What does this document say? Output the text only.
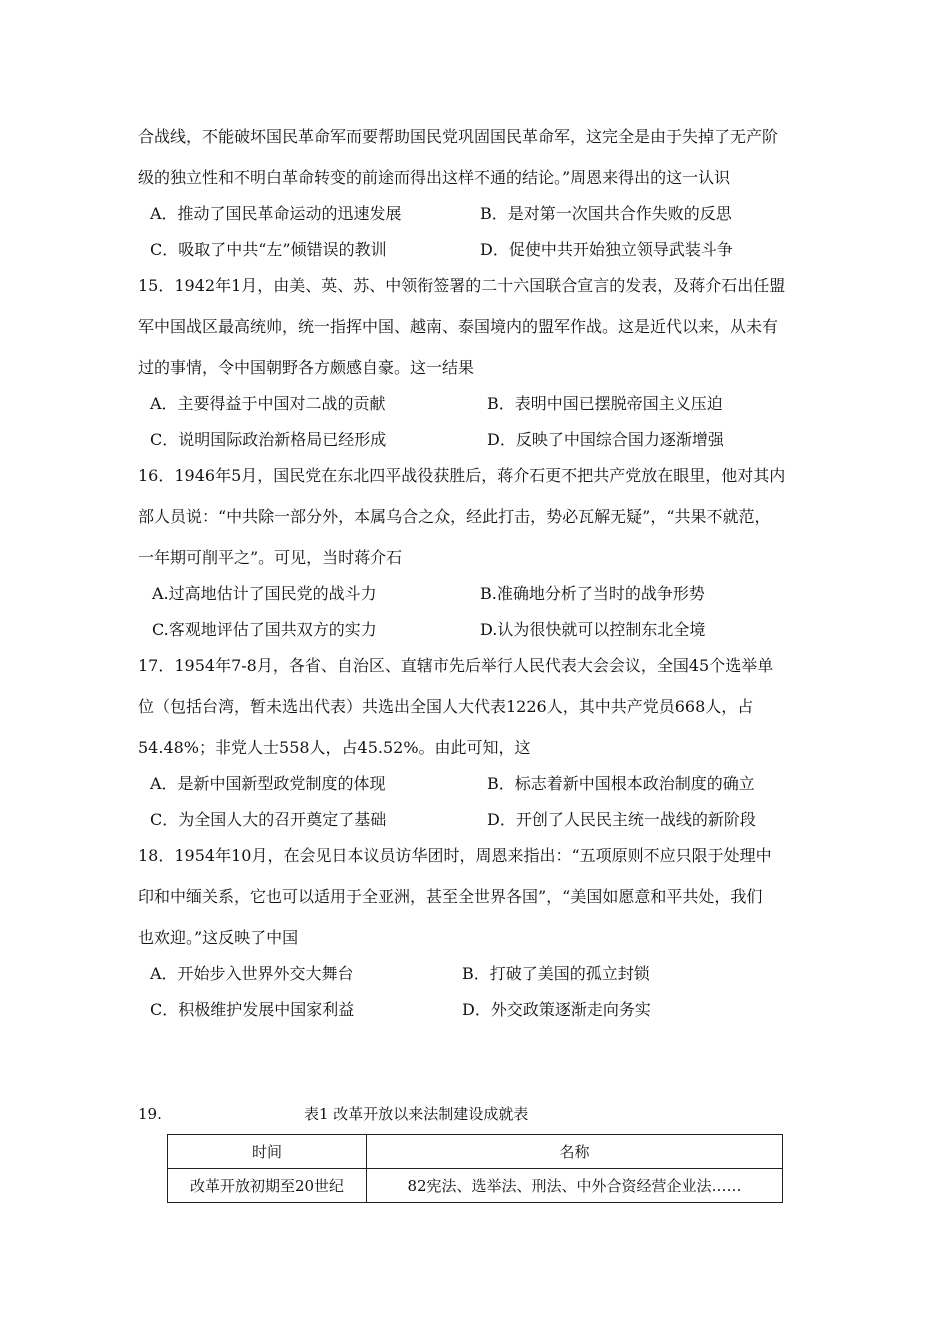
合战线，不能破坏国民革命军而要帮助国民党巩固国民革命军，这完全是由于失掉了无产阶
级的独立性和不明白革命转变的前途而得出这样不通的结论。”周恩来得出的这一认识
A．推动了国民革命运动的迅速发展	B．是对第一次国共合作失败的反思
C．吸取了中共“左”倾错误的教训	D．促使中共开始独立领导武装斗争
15．1942年1月，由美、英、苏、中领衔签署的二十六国联合宣言的发表，及蒋介石出任盟
军中国战区最高统帅，统一指挥中国、越南、泰国境内的盟军作战。这是近代以来，从未有
过的事情，令中国朝野各方颇感自豪。这一结果
A．主要得益于中国对二战的贡献	B．表明中国已摆脱帝国主义压迫
C．说明国际政治新格局已经形成	D．反映了中国综合国力逐渐增强
16．1946年5月，国民党在东北四平战役获胜后，蒋介石更不把共产党放在眼里，他对其内
部人员说：“中共除一部分外，本属乌合之众，经此打击，势必瓦解无疑”，“共果不就范，
一年期可削平之”。可见，当时蒋介石
A.过高地估计了国民党的战斗力	B.准确地分析了当时的战争形势
C.客观地评估了国共双方的实力	D.认为很快就可以控制东北全境
17．1954年7-8月，各省、自治区、直辖市先后举行人民代表大会会议，全国45个选举单
位（包括台湾，暂未选出代表）共选出全国人大代表1226人，其中共产党员668人，占
54.48%；非党人士558人，占45.52%。由此可知，这
A．是新中国新型政党制度的体现	B．标志着新中国根本政治制度的确立
C．为全国人大的召开奠定了基础	D．开创了人民民主统一战线的新阶段
18．1954年10月，在会见日本议员访华团时，周恩来指出：“五项原则不应只限于处理中
印和中缅关系，它也可以适用于全亚洲，甚至全世界各国”，“美国如愿意和平共处，我们
也欢迎。”这反映了中国
A．开始步入世界外交大舞台	B．打破了美国的孤立封锁
C．积极维护发展中国家利益	D．外交政策逐渐走向务实
19.	表1 改革开放以来法制建设成就表
时间	名称
改革开放初期至20世纪	82宪法、选举法、刑法、中外合资经营企业法……
